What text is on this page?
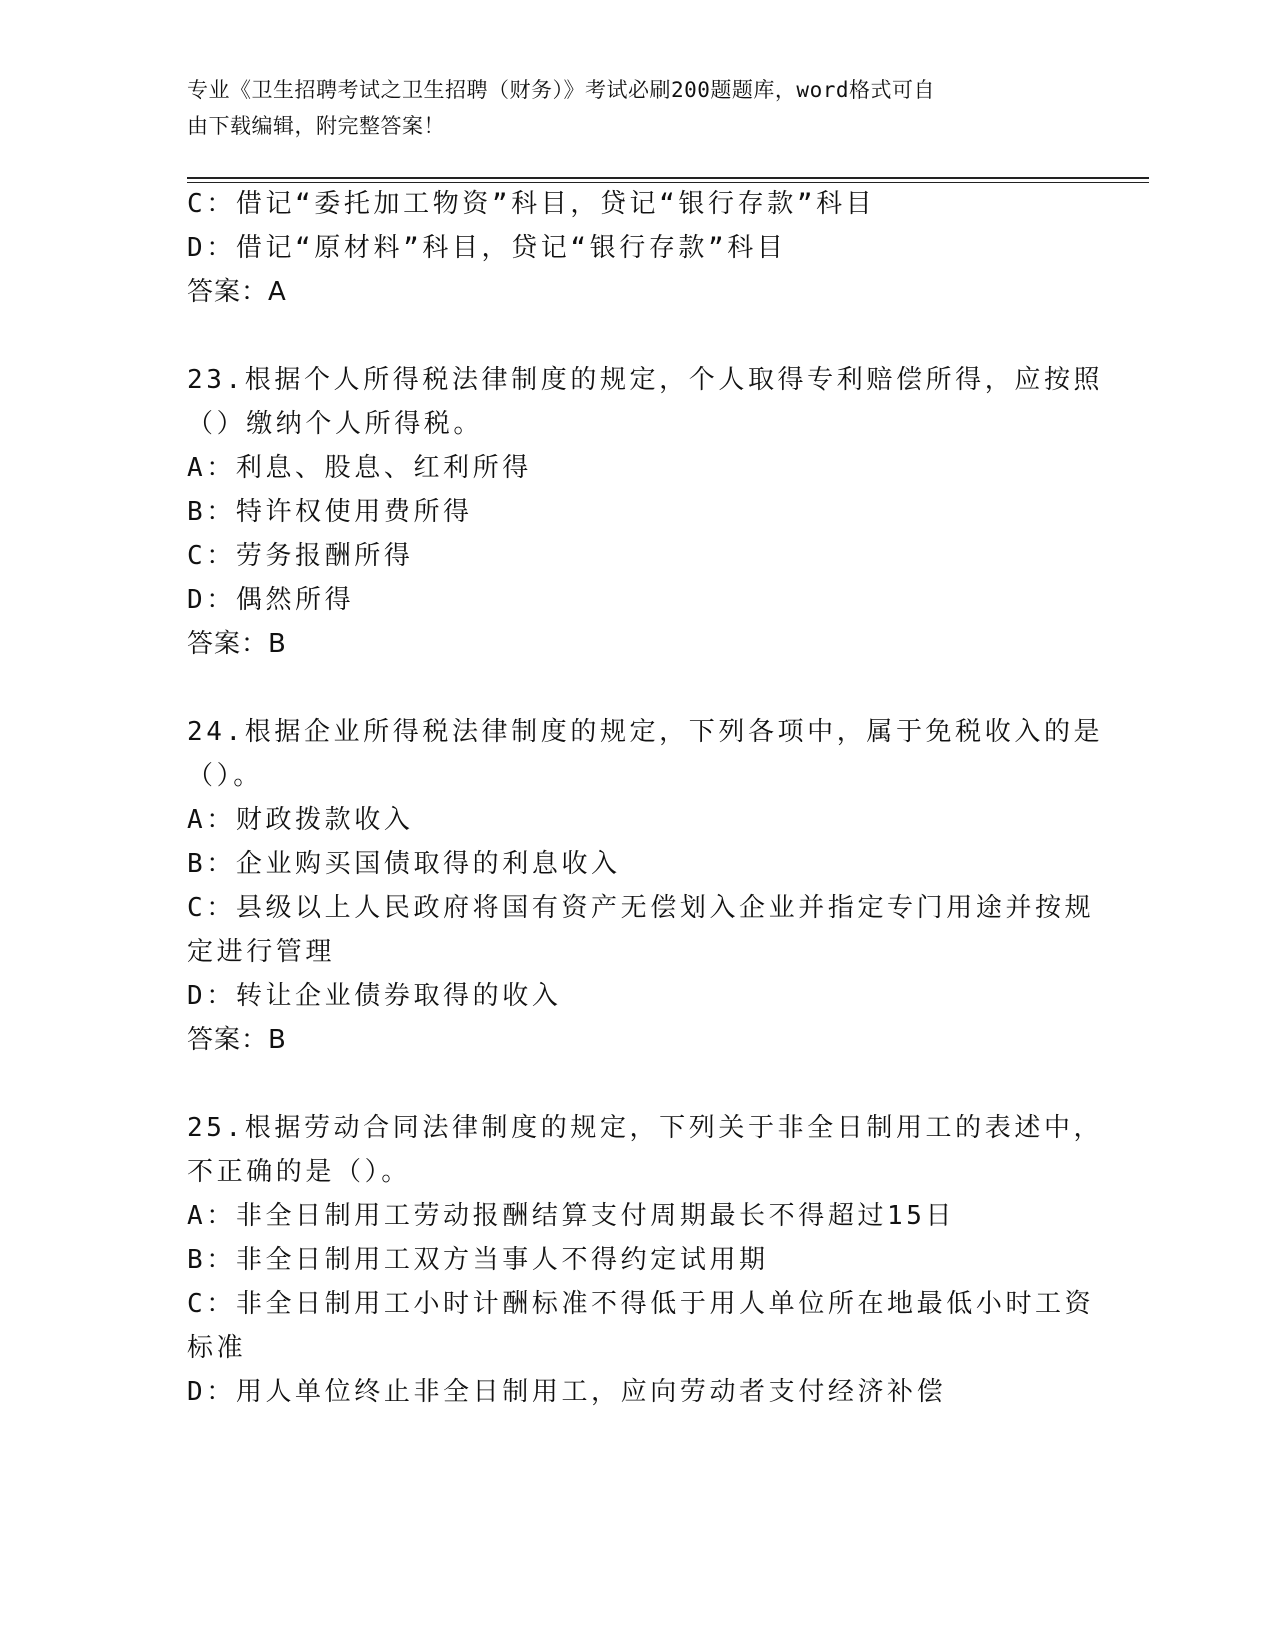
专业《卫生招聘考试之卫生招聘（财务）》考试必刷200题题库，word格式可自
由下载编辑，附完整答案！
C：借记“委托加工物资”科目，贷记“银行存款”科目
D：借记“原材料”科目，贷记“银行存款”科目
答案：A
23.根据个人所得税法律制度的规定，个人取得专利赔偿所得，应按照
（）缴纳个人所得税。
A：利息、股息、红利所得
B：特许权使用费所得
C：劳务报酬所得
D：偶然所得
答案：B
24.根据企业所得税法律制度的规定，下列各项中，属于免税收入的是
（）。
A：财政拨款收入
B：企业购买国债取得的利息收入
C：县级以上人民政府将国有资产无偿划入企业并指定专门用途并按规
定进行管理
D：转让企业债券取得的收入
答案：B
25.根据劳动合同法律制度的规定，下列关于非全日制用工的表述中，
不正确的是（）。
A：非全日制用工劳动报酬结算支付周期最长不得超过15日
B：非全日制用工双方当事人不得约定试用期
C：非全日制用工小时计酬标准不得低于用人单位所在地最低小时工资
标准
D：用人单位终止非全日制用工，应向劳动者支付经济补偿
